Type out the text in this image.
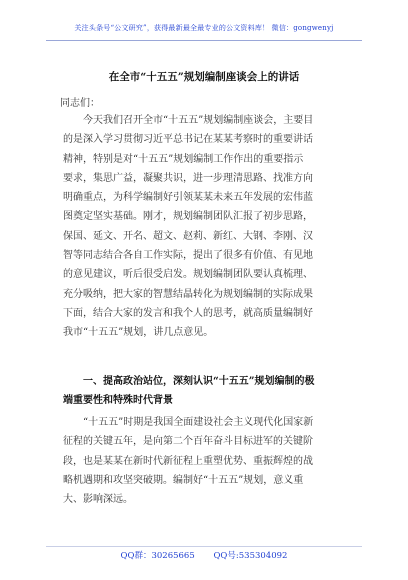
关注头条号“公文研究”，获得最新最全最专业的公文资料库！ 微信：gongwenyj
在全市“十五五”规划编制座谈会上的讲话
同志们：
今天我们召开全市“十五五”规划编制座谈会，主要目
的是深入学习贯彻习近平总书记在某某考察时的重要讲话
精神，特别是对“十五五”规划编制工作作出的重要指示
要求，集思广益，凝聚共识，进一步理清思路、找准方向
明确重点，为科学编制好引领某某未来五年发展的宏伟蓝
图奠定坚实基础。刚才，规划编制团队汇报了初步思路，
保国、延文、开名、超文、赵莉、新红、大钢、李刚、汉
智等同志结合各自工作实际，提出了很多有价值、有见地
的意见建议，听后很受启发。规划编制团队要认真梳理、
充分吸纳，把大家的智慧结晶转化为规划编制的实际成果
下面，结合大家的发言和我个人的思考，就高质量编制好
我市“十五五”规划，讲几点意见。
一、提高政治站位，深刻认识“十五五”规划编制的极
端重要性和特殊时代背景
“十五五”时期是我国全面建设社会主义现代化国家新
征程的关键五年，是向第二个百年奋斗目标进军的关键阶
段，也是某某在新时代新征程上重塑优势、重振辉煌的战
略机遇期和攻坚突破期。编制好“十五五”规划，意义重
大、影响深远。
QQ群：30265665 QQ号:535304092
